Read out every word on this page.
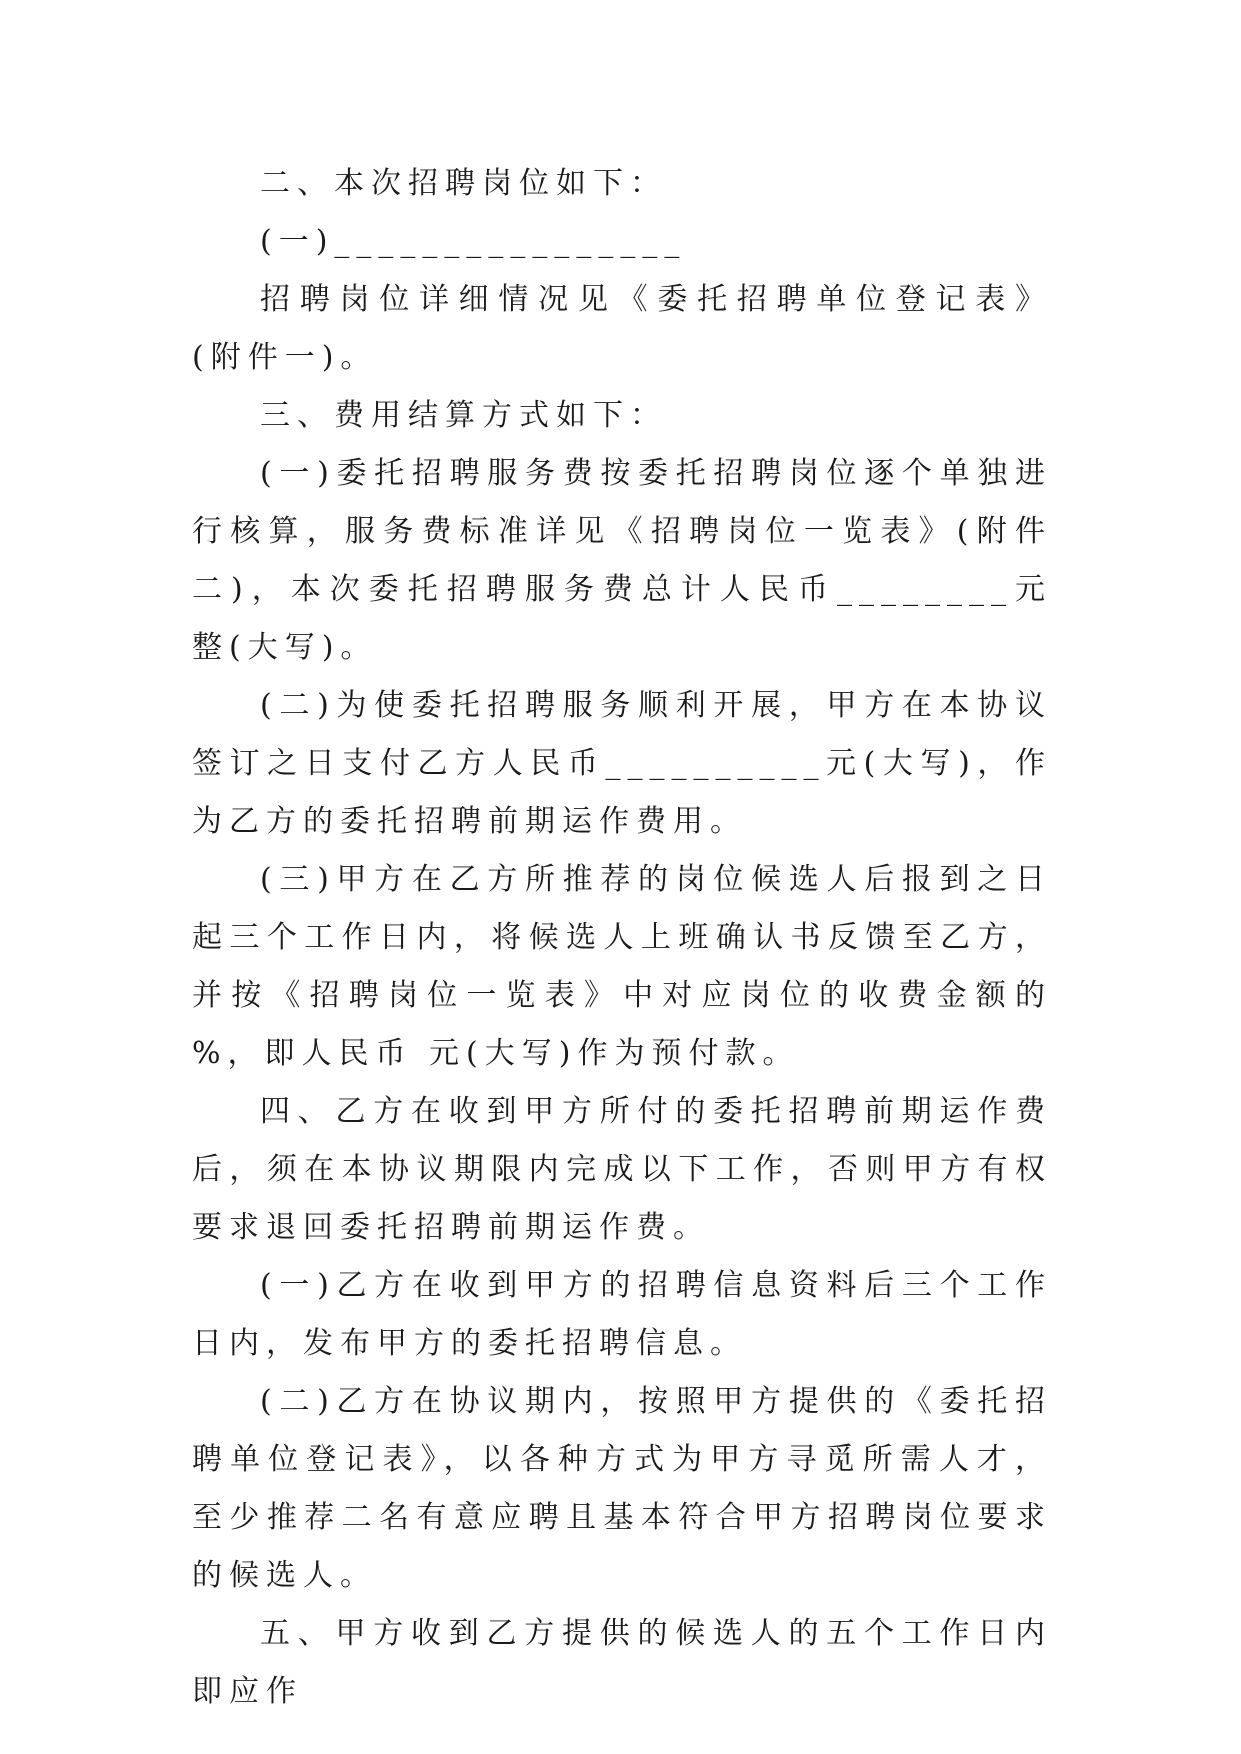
二、本次招聘岗位如下：

(一)________________

招聘岗位详细情况见《委托招聘单位登记表》(附件一)。

三、费用结算方式如下：

(一)委托招聘服务费按委托招聘岗位逐个单独进行核算，服务费标准详见《招聘岗位一览表》(附件二)，本次委托招聘服务费总计人民币________元整(大写)。

(二)为使委托招聘服务顺利开展，甲方在本协议签订之日支付乙方人民币__________元(大写)，作为乙方的委托招聘前期运作费用。

(三)甲方在乙方所推荐的岗位候选人后报到之日起三个工作日内，将候选人上班确认书反馈至乙方，并按《招聘岗位一览表》中对应岗位的收费金额的 %，即人民币 元(大写)作为预付款。

四、乙方在收到甲方所付的委托招聘前期运作费后，须在本协议期限内完成以下工作，否则甲方有权要求退回委托招聘前期运作费。

(一)乙方在收到甲方的招聘信息资料后三个工作日内，发布甲方的委托招聘信息。

(二)乙方在协议期内，按照甲方提供的《委托招聘单位登记表》，以各种方式为甲方寻觅所需人才，至少推荐二名有意应聘且基本符合甲方招聘岗位要求的候选人。

五、甲方收到乙方提供的候选人的五个工作日内即应作
